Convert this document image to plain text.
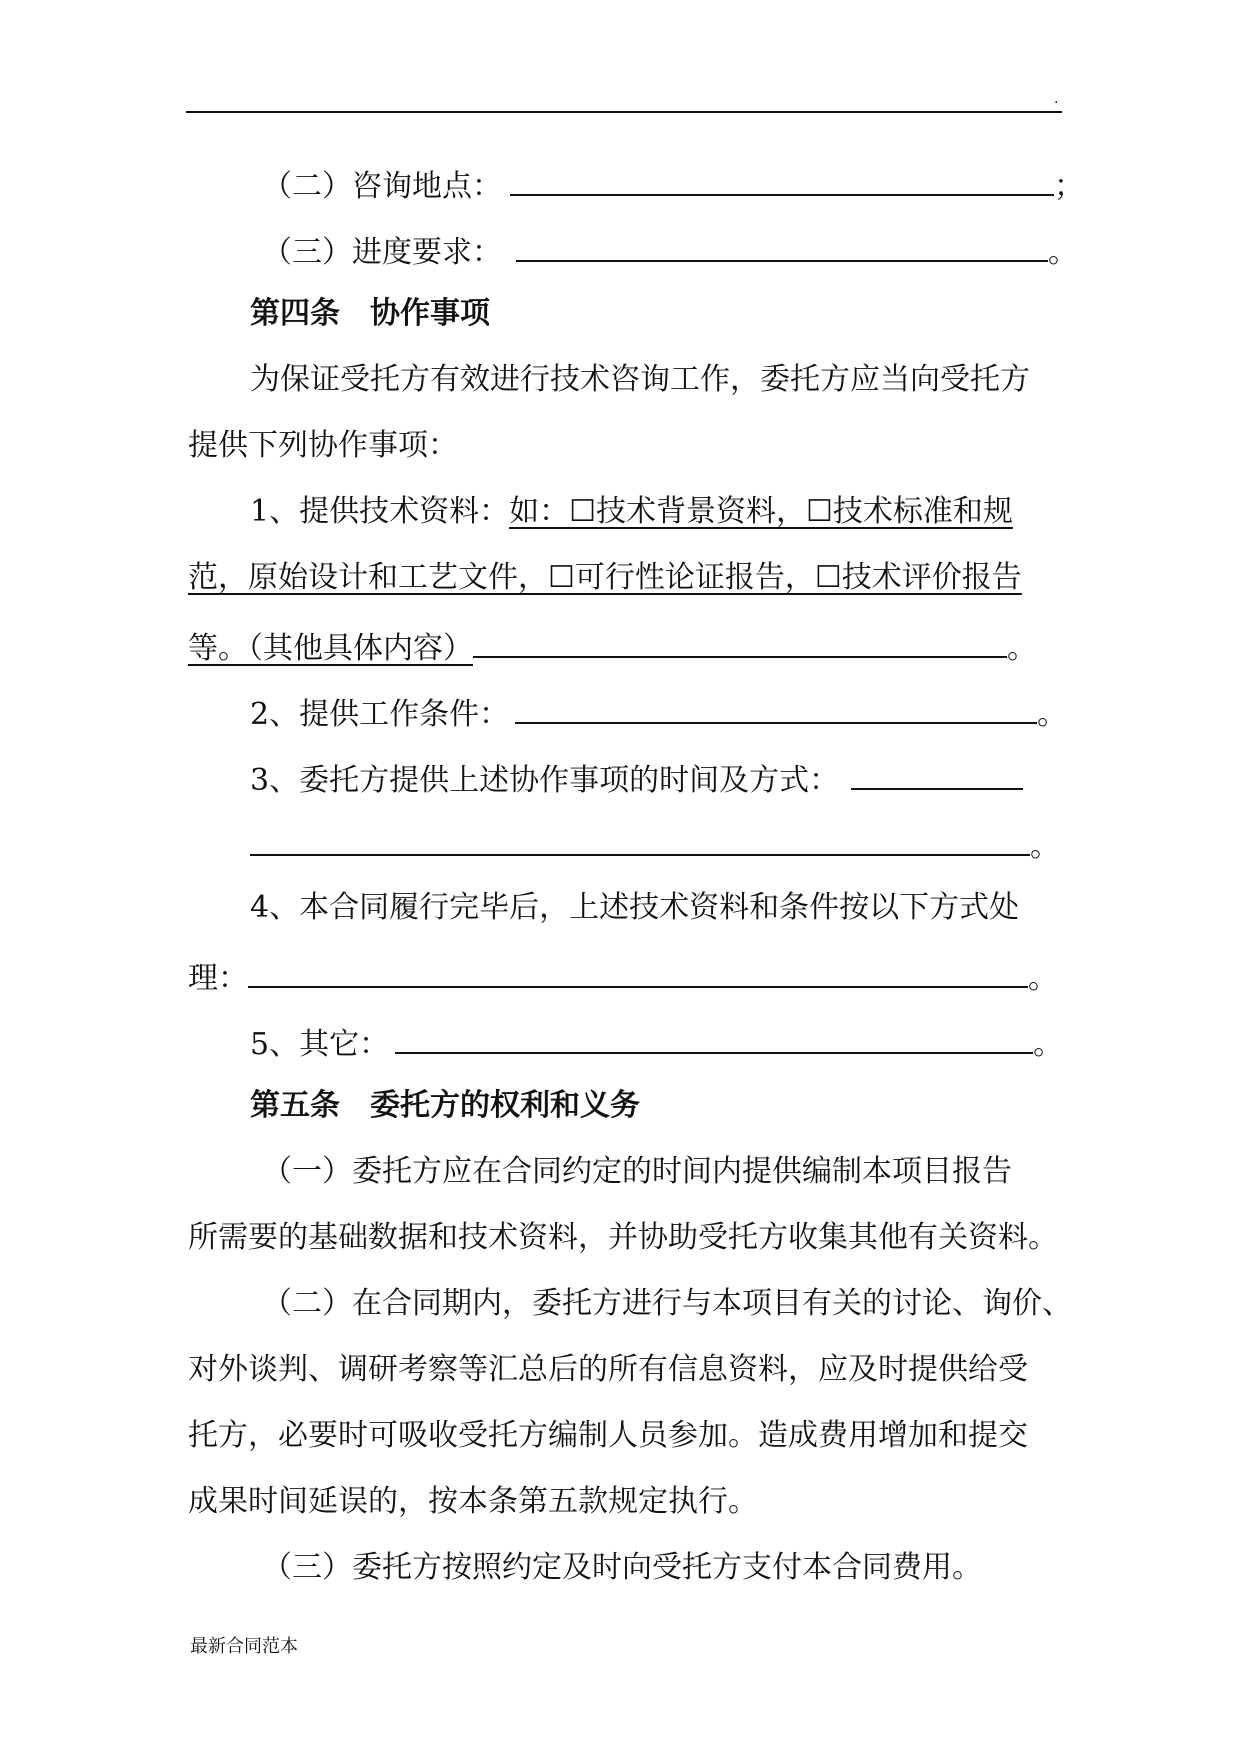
.
（二）咨询地点：	；
（三）进度要求：	。
第四条　协作事项
为保证受托方有效进行技术咨询工作，委托方应当向受托方
提供下列协作事项：
1、提供技术资料：如：☐技术背景资料，☐技术标准和规
范，原始设计和工艺文件，☐可行性论证报告，☐技术评价报告
等。（其他具体内容）	。
2、提供工作条件：	。
3、委托方提供上述协作事项的时间及方式：
。
4、本合同履行完毕后，上述技术资料和条件按以下方式处
理：	。
5、其它：	。
第五条　委托方的权利和义务
（一）委托方应在合同约定的时间内提供编制本项目报告
所需要的基础数据和技术资料，并协助受托方收集其他有关资料。
（二）在合同期内，委托方进行与本项目有关的讨论、询价、
对外谈判、调研考察等汇总后的所有信息资料，应及时提供给受
托方，必要时可吸收受托方编制人员参加。造成费用增加和提交
成果时间延误的，按本条第五款规定执行。
（三）委托方按照约定及时向受托方支付本合同费用。
最新合同范本
